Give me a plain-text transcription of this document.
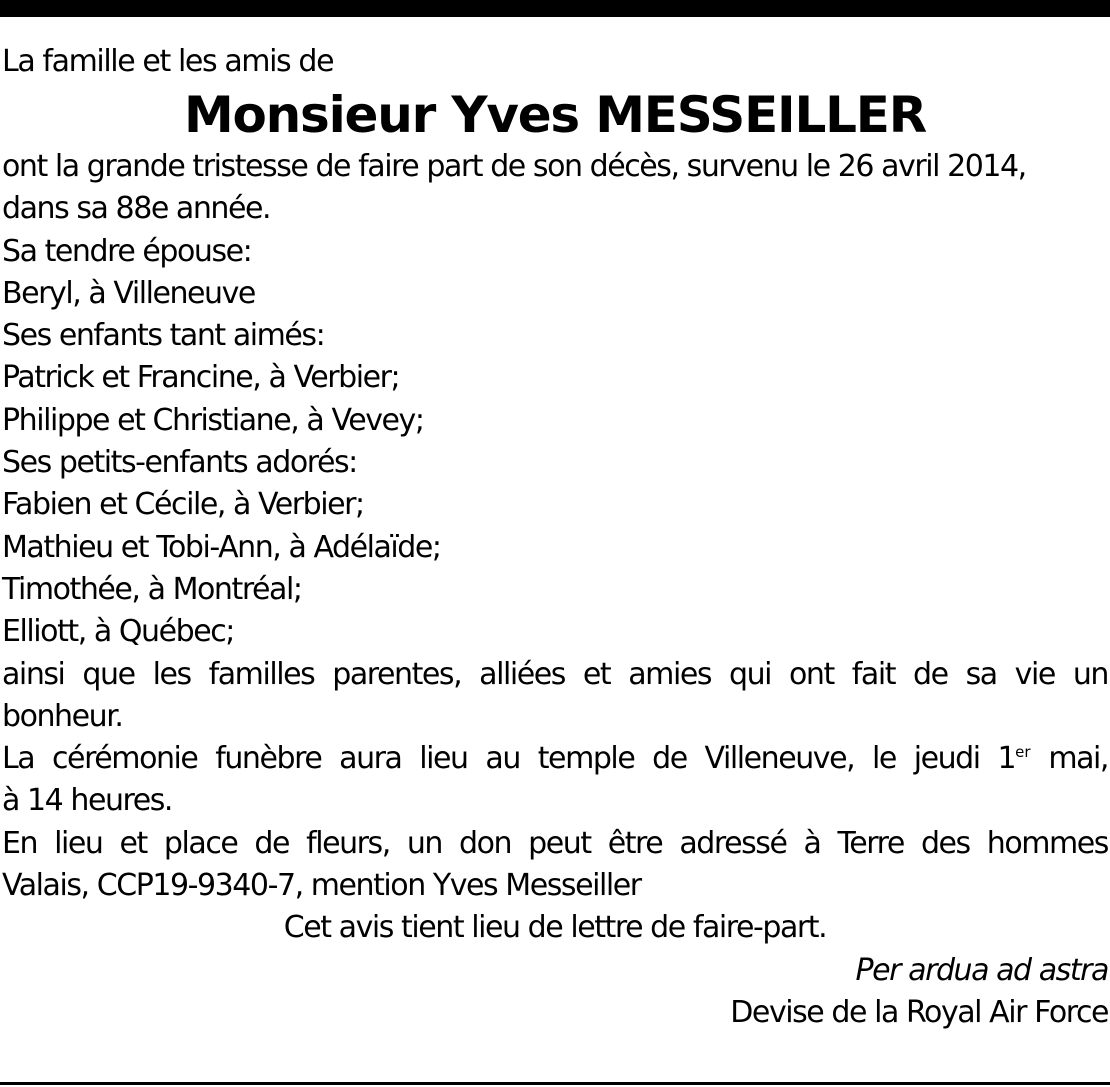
La famille et les amis de
Monsieur Yves MESSEILLER
ont la grande tristesse de faire part de son décès, survenu le 26 avril 2014,
dans sa 88e année.
Sa tendre épouse:
Beryl, à Villeneuve
Ses enfants tant aimés:
Patrick et Francine, à Verbier;
Philippe et Christiane, à Vevey;
Ses petits-enfants adorés:
Fabien et Cécile, à Verbier;
Mathieu et Tobi-Ann, à Adélaïde;
Timothée, à Montréal;
Elliott, à Québec;
ainsi que les familles parentes, alliées et amies qui ont fait de sa vie un
bonheur.
La cérémonie funèbre aura lieu au temple de Villeneuve, le jeudi 1er mai,
à 14 heures.
En lieu et place de fleurs, un don peut être adressé à Terre des hommes
Valais, CCP19-9340-7, mention Yves Messeiller
Cet avis tient lieu de lettre de faire-part.
Per ardua ad astra
Devise de la Royal Air Force
